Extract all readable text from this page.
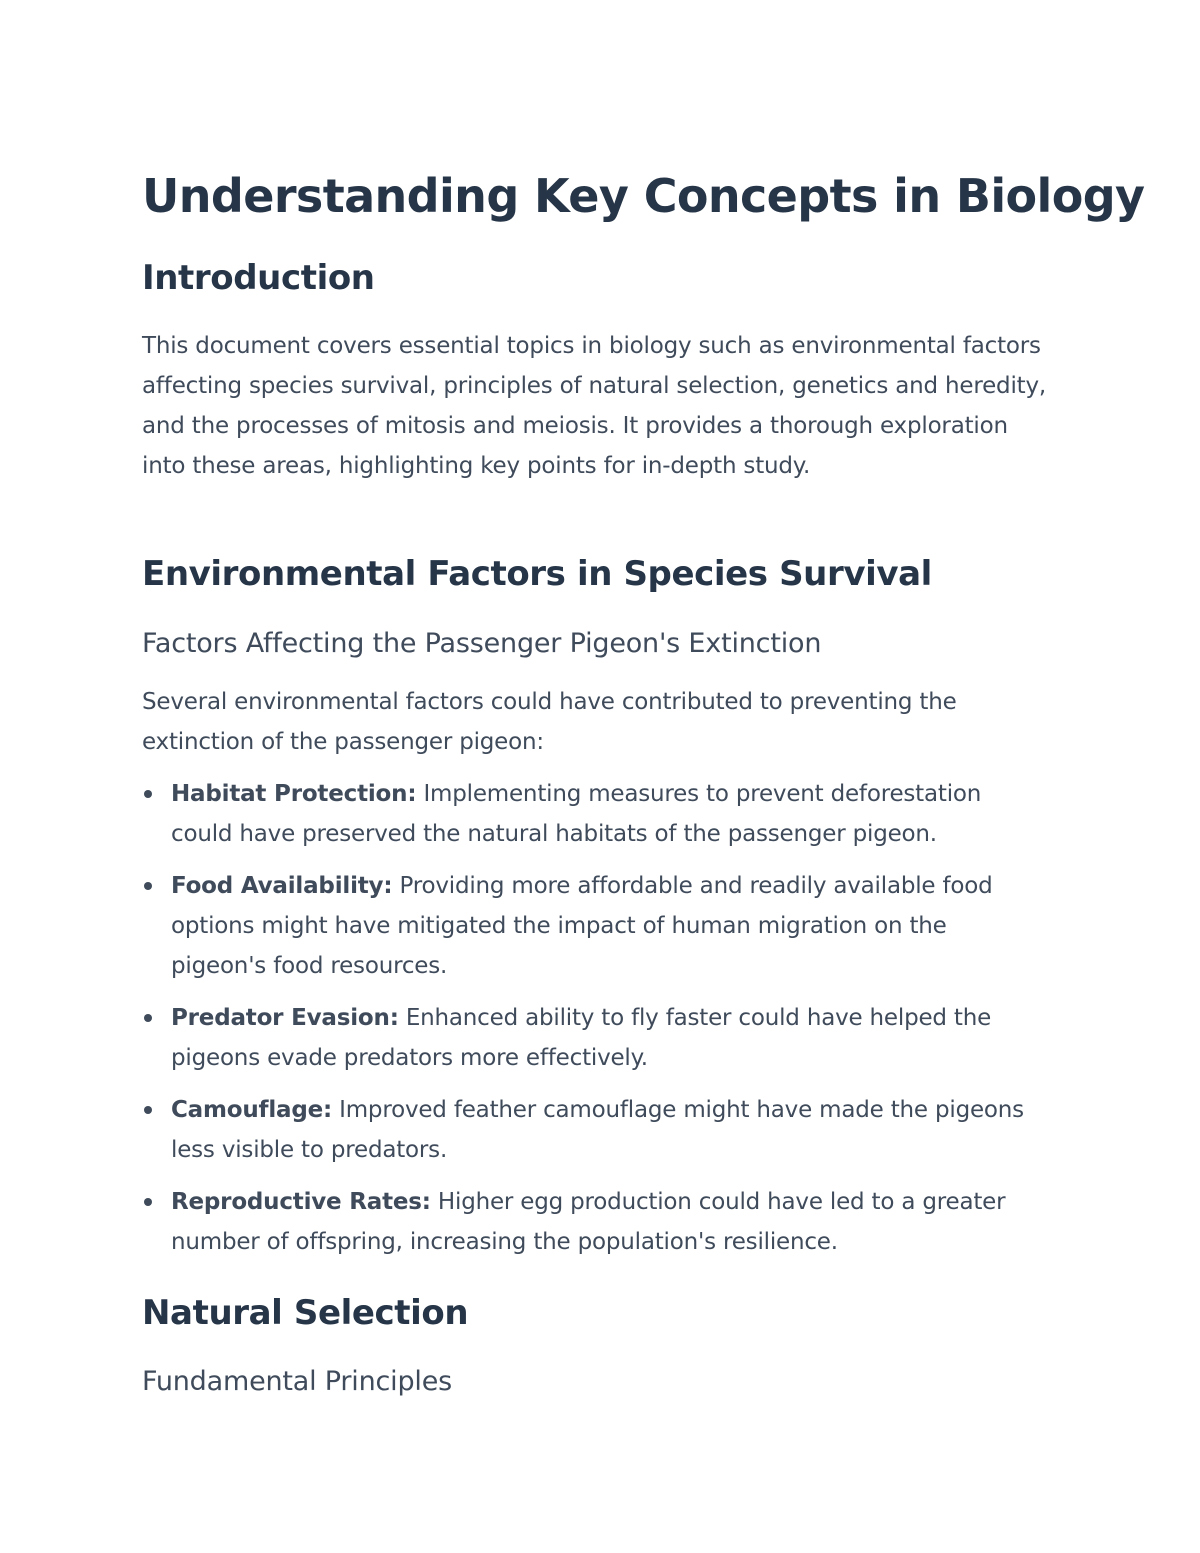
Understanding Key Concepts in Biology
Introduction

This document covers essential topics in biology such as environmental factors affecting species survival, principles of natural selection, genetics and heredity, and the processes of mitosis and meiosis. It provides a thorough exploration into these areas, highlighting key points for in-depth study.

Environmental Factors in Species Survival
Factors Affecting the Passenger Pigeon's Extinction

Several environmental factors could have contributed to preventing the extinction of the passenger pigeon:

Habitat Protection: Implementing measures to prevent deforestation could have preserved the natural habitats of the passenger pigeon.
Food Availability: Providing more affordable and readily available food options might have mitigated the impact of human migration on the pigeon's food resources.
Predator Evasion: Enhanced ability to fly faster could have helped the pigeons evade predators more effectively.
Camouflage: Improved feather camouflage might have made the pigeons less visible to predators.
Reproductive Rates: Higher egg production could have led to a greater number of offspring, increasing the population's resilience.
Natural Selection
Fundamental Principles
